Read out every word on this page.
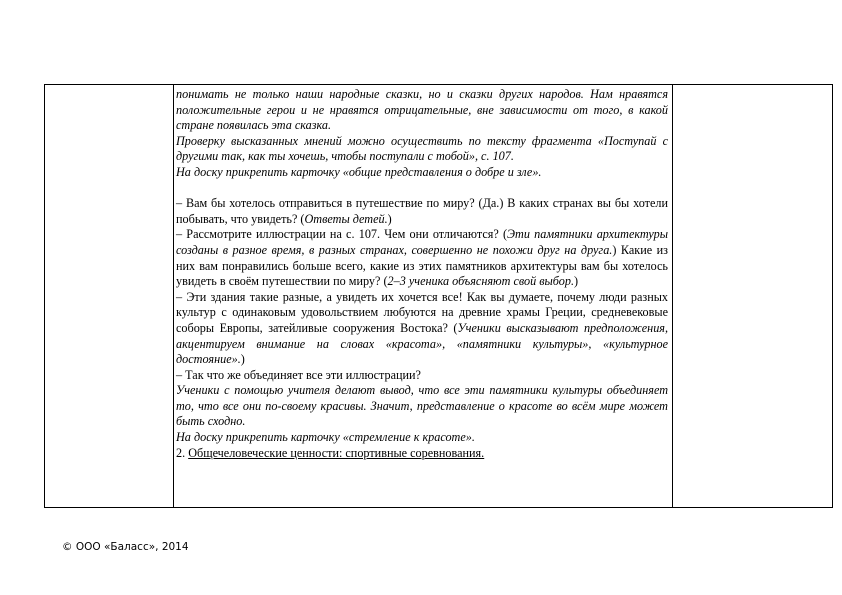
понимать не только наши народные сказки, но и сказки других народов. Нам нравятся положительные герои и не нравятся отрицательные, вне зависимости от того, в какой стране появилась эта сказка.

Проверку высказанных мнений можно осуществить по тексту фрагмента «Поступай с другими так, как ты хочешь, чтобы поступали с тобой», с. 107.

На доску прикрепить карточку «общие представления о добре и зле».

– Вам бы хотелось отправиться в путешествие по миру? (Да.) В каких странах вы бы хотели побывать, что увидеть? (Ответы детей.)

– Рассмотрите иллюстрации на с. 107. Чем они отличаются? (Эти памятники архитектуры созданы в разное время, в разных странах, совершенно не похожи друг на друга.) Какие из них вам понравились больше всего, какие из этих памятников архитектуры вам бы хотелось увидеть в своём путешествии по миру? (2–3 ученика объясняют свой выбор.)

– Эти здания такие разные, а увидеть их хочется все! Как вы думаете, почему люди разных культур с одинаковым удовольствием любуются на древние храмы Греции, средневековые соборы Европы, затейливые сооружения Востока? (Ученики высказывают предположения, акцентируем внимание на словах «красота», «памятники культуры», «культурное достояние».)

– Так что же объединяет все эти иллюстрации?

Ученики с помощью учителя делают вывод, что все эти памятники культуры объединяет то, что все они по-своему красивы. Значит, представление о красоте во всём мире может быть сходно.

На доску прикрепить карточку «стремление к красоте».

2. Общечеловеческие ценности: спортивные соревнования.

© ООО «Баласс», 2014
